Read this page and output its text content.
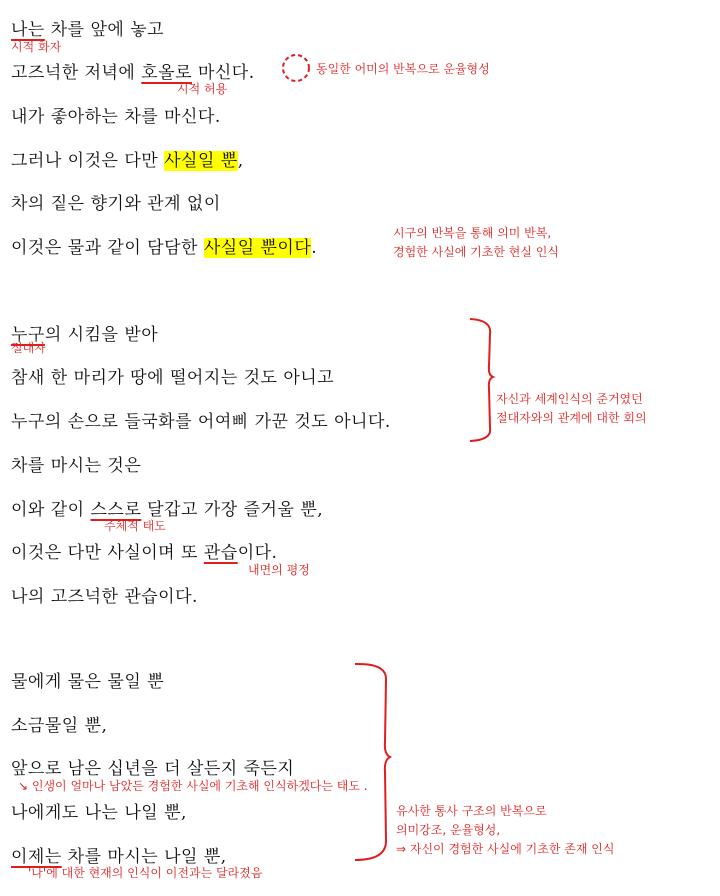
나는 차를 앞에 놓고
시적 화자
고즈넉한 저녁에 호올로 마신다.	동일한 어미의 반복으로 운율형성
시적 허용
내가 좋아하는 차를 마신다.
그러나 이것은 다만 사실일 뿐,
차의 짙은 향기와 관계 없이
이것은 물과 같이 담담한 사실일 뿐이다.
시구의 반복을 통해 의미 반복,
경험한 사실에 기초한 현실 인식
누구의 시킴을 받아
절대자
참새 한 마리가 땅에 떨어지는 것도 아니고
누구의 손으로 들국화를 어여삐 가꾼 것도 아니다.
자신과 세계인식의 준거였던
절대자와의 관계에 대한 회의
차를 마시는 것은
이와 같이 스스로 달갑고 가장 즐거울 뿐,
주체적 태도
이것은 다만 사실이며 또 관습이다.
내면의 평정
나의 고즈넉한 관습이다.
물에게 물은 물일 뿐
소금물일 뿐,
앞으로 남은 십년을 더 살든지 죽든지
↘ 인생이 얼마나 남았든 경험한 사실에 기초해 인식하겠다는 태도 .
나에게도 나는 나일 뿐,
이제는 차를 마시는 나일 뿐,
'나'에 대한 현재의 인식이 이전과는 달라졌음
유사한 통사 구조의 반복으로
의미강조, 운율형성,
⇒ 자신이 경험한 사실에 기초한 존재 인식
